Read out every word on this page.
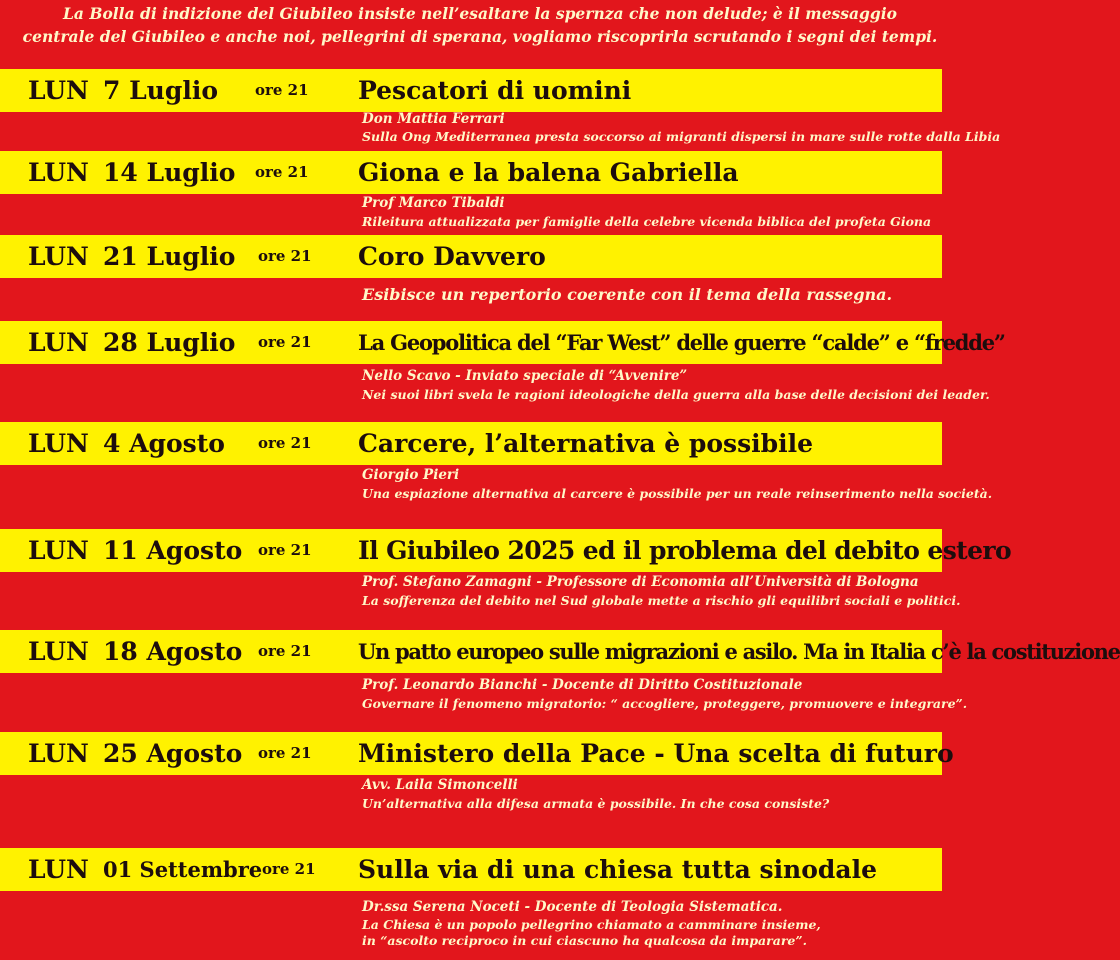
La Bolla di indizione del Giubileo insiste nell’esaltare la spernza che non delude; è il messaggio
centrale del Giubileo e anche noi, pellegrini di sperana, vogliamo riscoprirla scrutando i segni dei tempi.
LUN 7 Luglio ore 21 Pescatori di uomini
Don Mattia Ferrari
Sulla Ong Mediterranea presta soccorso ai migranti dispersi in mare sulle rotte dalla Libia
LUN 14 Luglio ore 21 Giona e la balena Gabriella
Prof Marco Tibaldi
Rileitura attualizzata per famiglie della celebre vicenda biblica del profeta Giona
LUN 21 Luglio ore 21 Coro Davvero
Esibisce un repertorio coerente con il tema della rassegna.
LUN 28 Luglio ore 21 La Geopolitica del “Far West” delle guerre “calde” e “fredde”
Nello Scavo - Inviato speciale di “Avvenire”
Nei suoi libri svela le ragioni ideologiche della guerra alla base delle decisioni dei leader.
LUN 4 Agosto ore 21 Carcere, l’alternativa è possibile
Giorgio Pieri
Una espiazione alternativa al carcere è possibile per un reale reinserimento nella società.
LUN 11 Agosto ore 21 Il Giubileo 2025 ed il problema del debito estero
Prof. Stefano Zamagni - Professore di Economia all’Università di Bologna
La sofferenza del debito nel Sud globale mette a rischio gli equilibri sociali e politici.
LUN 18 Agosto ore 21 Un patto europeo sulle migrazioni e asilo. Ma in Italia c’è la costituzione
Prof. Leonardo Bianchi - Docente di Diritto Costituzionale
Governare il fenomeno migratorio: “ accogliere, proteggere, promuovere e integrare”.
LUN 25 Agosto ore 21 Ministero della Pace - Una scelta di futuro
Avv. Laila Simoncelli
Un’alternativa alla difesa armata è possibile. In che cosa consiste?
LUN 01 Settembre ore 21 Sulla via di una chiesa tutta sinodale
Dr.ssa Serena Noceti - Docente di Teologia Sistematica.
La Chiesa è un popolo pellegrino chiamato a camminare insieme,
in “ascolto reciproco in cui ciascuno ha qualcosa da imparare”.
